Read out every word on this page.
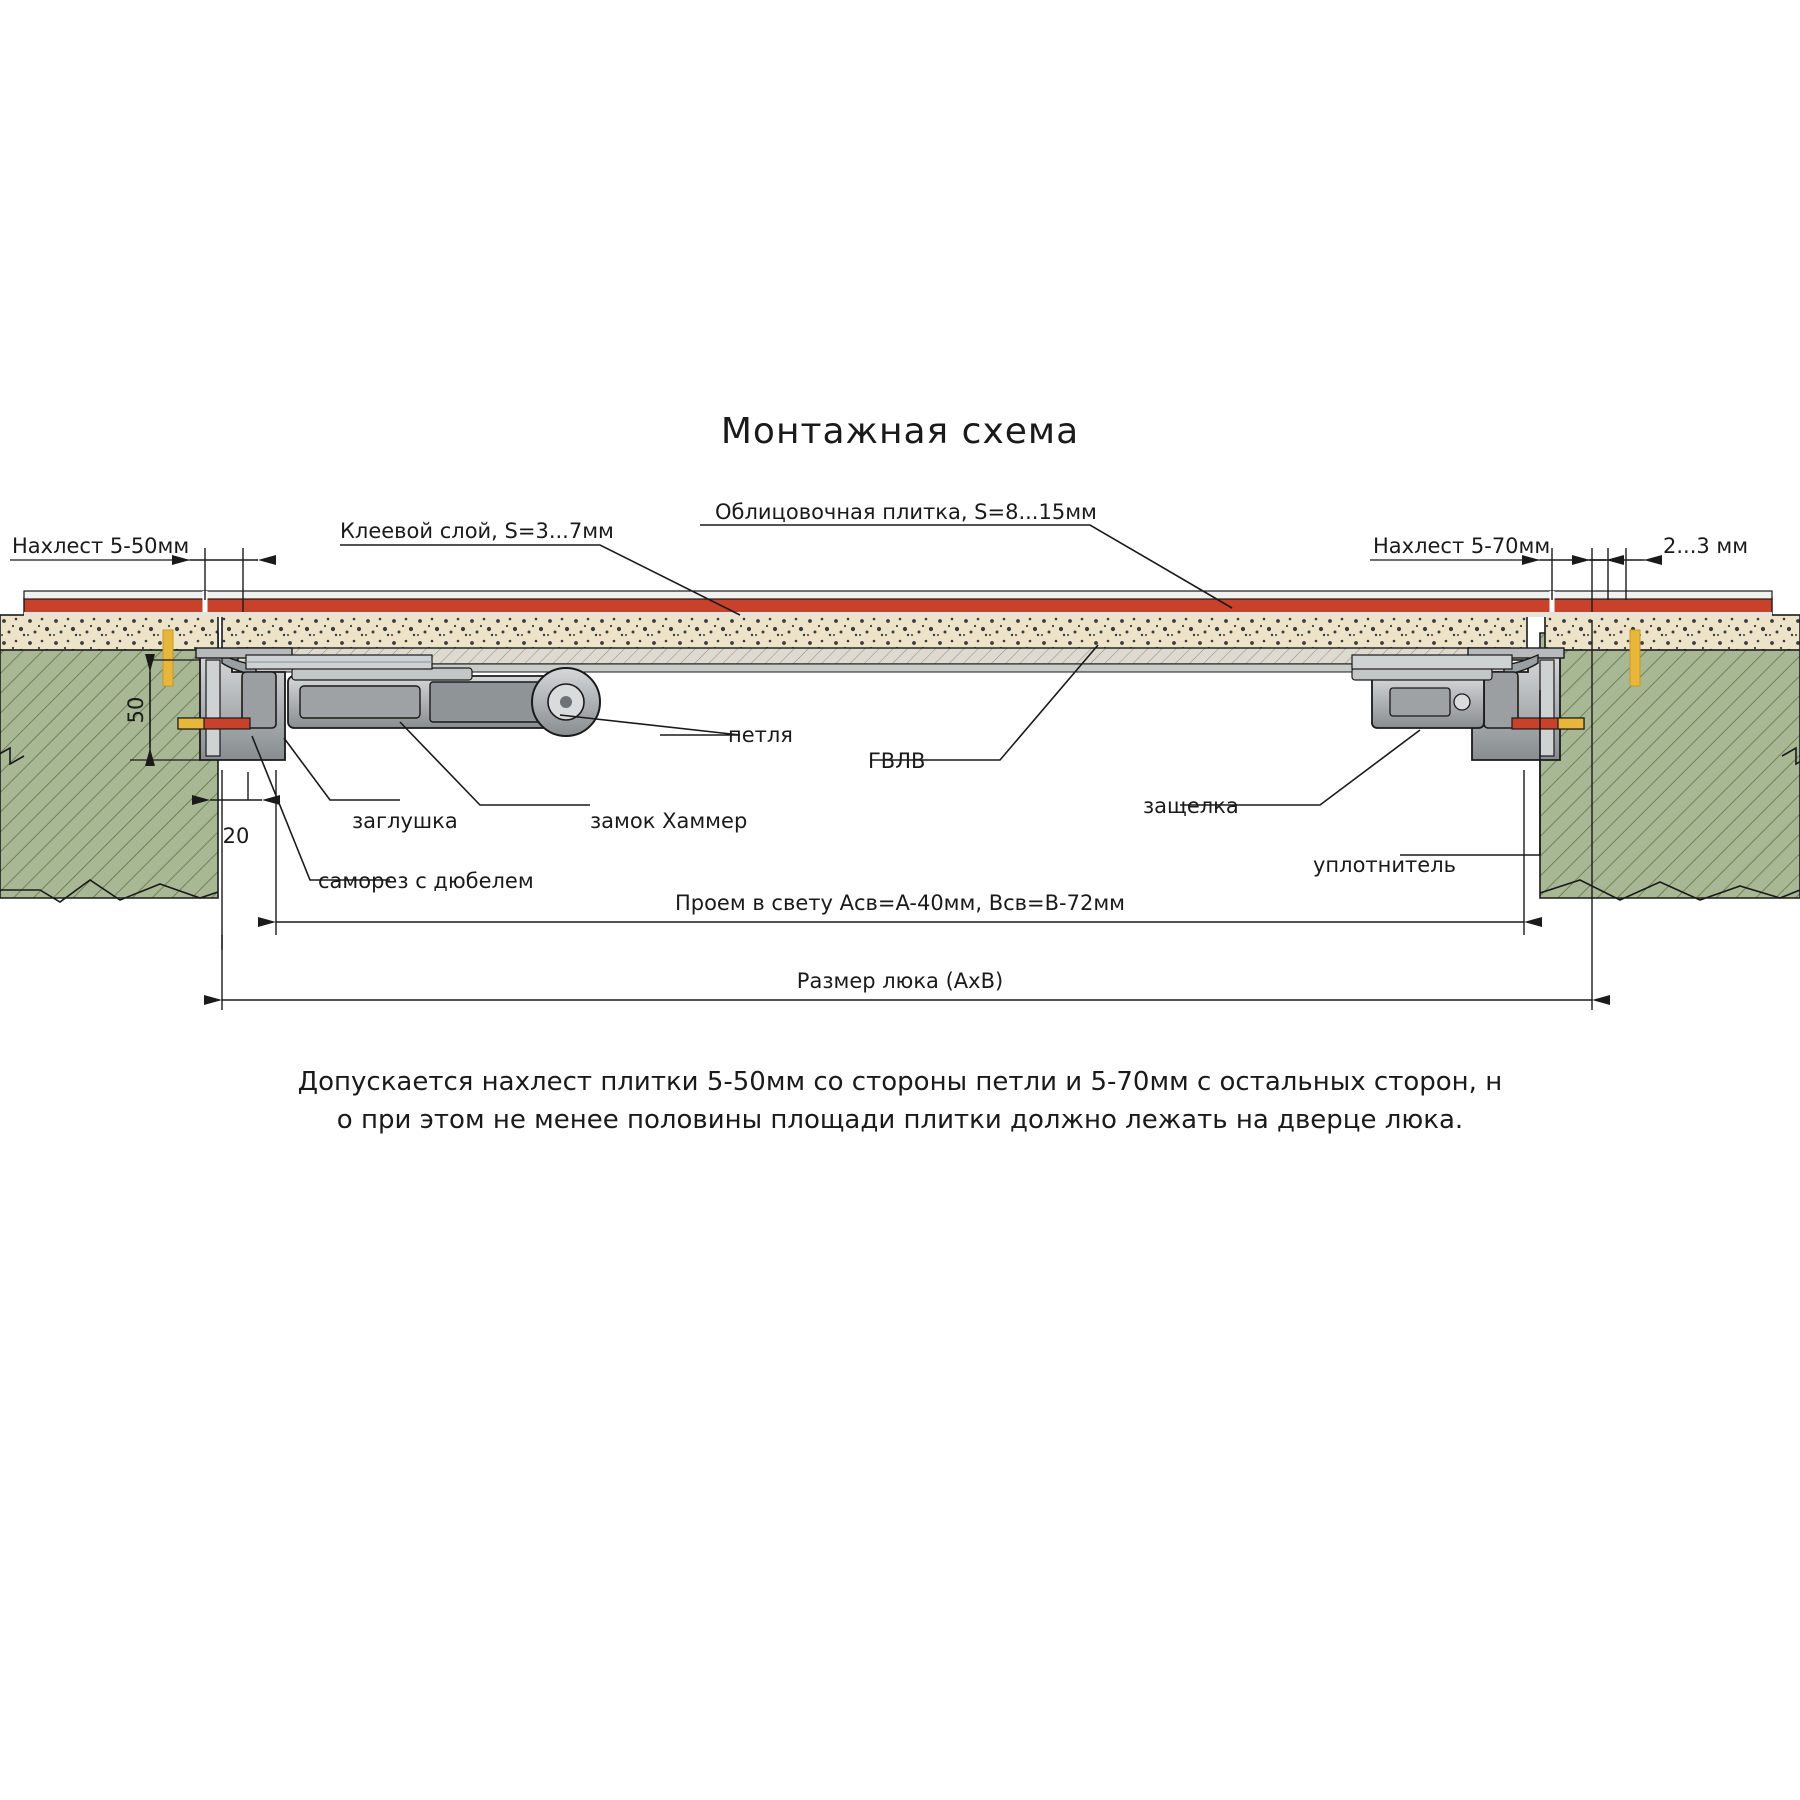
Монтажная схема
Нахлест 5-50мм
Клеевой слой, S=3...7мм
Облицовочная плитка, S=8...15мм
Нахлест 5-70мм	2...3 мм
50
20
петля
ГВЛВ
заглушка	замок Хаммер
защелка
уплотнитель
саморез с дюбелем
Проем в свету Aсв=A-40мм, Bсв=B-72мм
Размер люка (AxB)
Допускается нахлест плитки 5-50мм со стороны петли и 5-70мм с остальных сторон, н
о при этом не менее половины площади плитки должно лежать на дверце люка.
